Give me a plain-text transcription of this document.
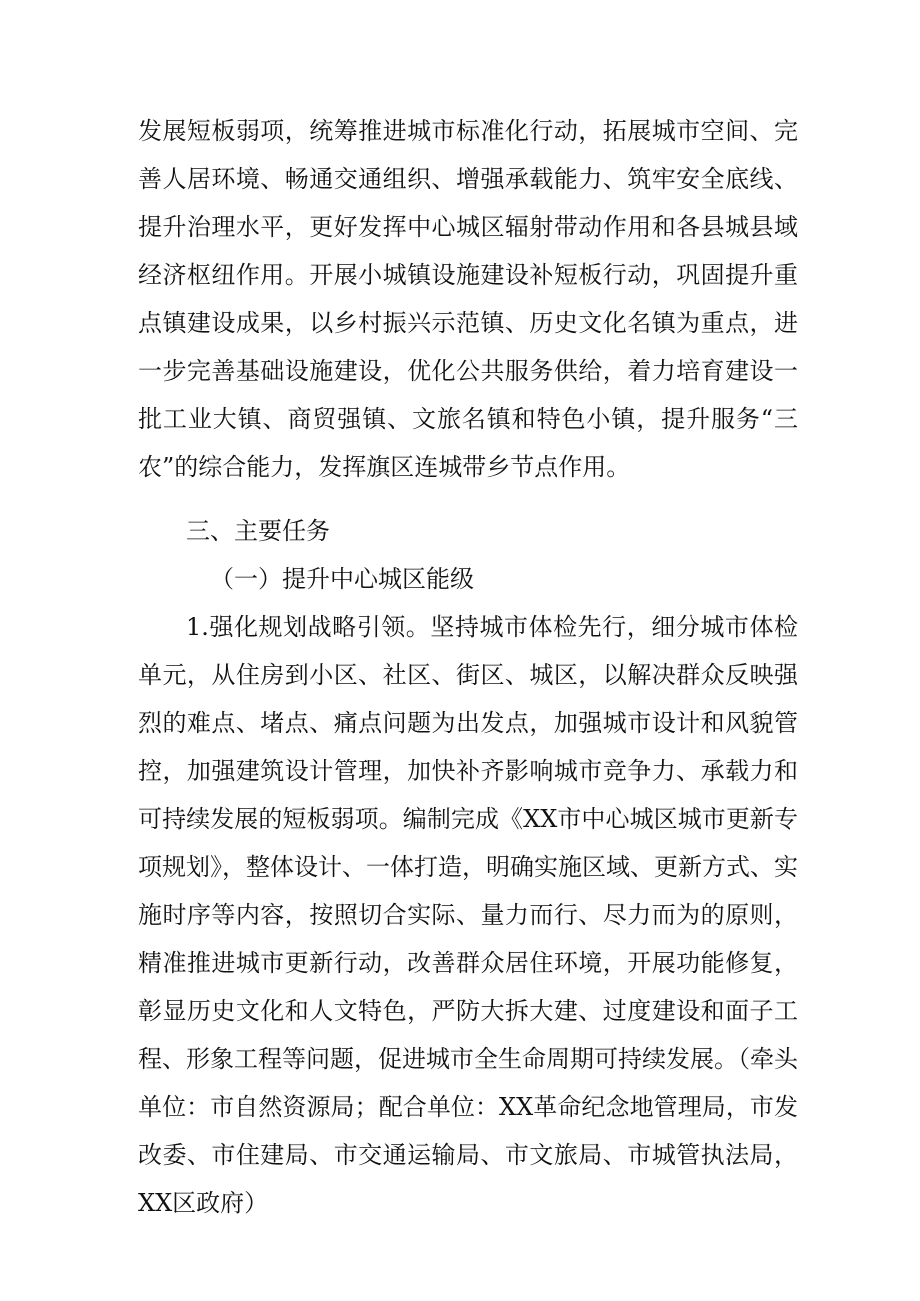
发展短板弱项，统筹推进城市标准化行动，拓展城市空间、完善人居环境、畅通交通组织、增强承载能力、筑牢安全底线、提升治理水平，更好发挥中心城区辐射带动作用和各县城县域经济枢纽作用。开展小城镇设施建设补短板行动，巩固提升重点镇建设成果，以乡村振兴示范镇、历史文化名镇为重点，进一步完善基础设施建设，优化公共服务供给，着力培育建设一批工业大镇、商贸强镇、文旅名镇和特色小镇，提升服务“三农”的综合能力，发挥旗区连城带乡节点作用。

三、主要任务

（一）提升中心城区能级

1.强化规划战略引领。坚持城市体检先行，细分城市体检单元，从住房到小区、社区、街区、城区，以解决群众反映强烈的难点、堵点、痛点问题为出发点，加强城市设计和风貌管控，加强建筑设计管理，加快补齐影响城市竞争力、承载力和可持续发展的短板弱项。编制完成《XX市中心城区城市更新专项规划》，整体设计、一体打造，明确实施区域、更新方式、实施时序等内容，按照切合实际、量力而行、尽力而为的原则，精准推进城市更新行动，改善群众居住环境，开展功能修复，彰显历史文化和人文特色，严防大拆大建、过度建设和面子工程、形象工程等问题，促进城市全生命周期可持续发展。（牵头单位：市自然资源局；配合单位：XX革命纪念地管理局，市发改委、市住建局、市交通运输局、市文旅局、市城管执法局，XX区政府）
